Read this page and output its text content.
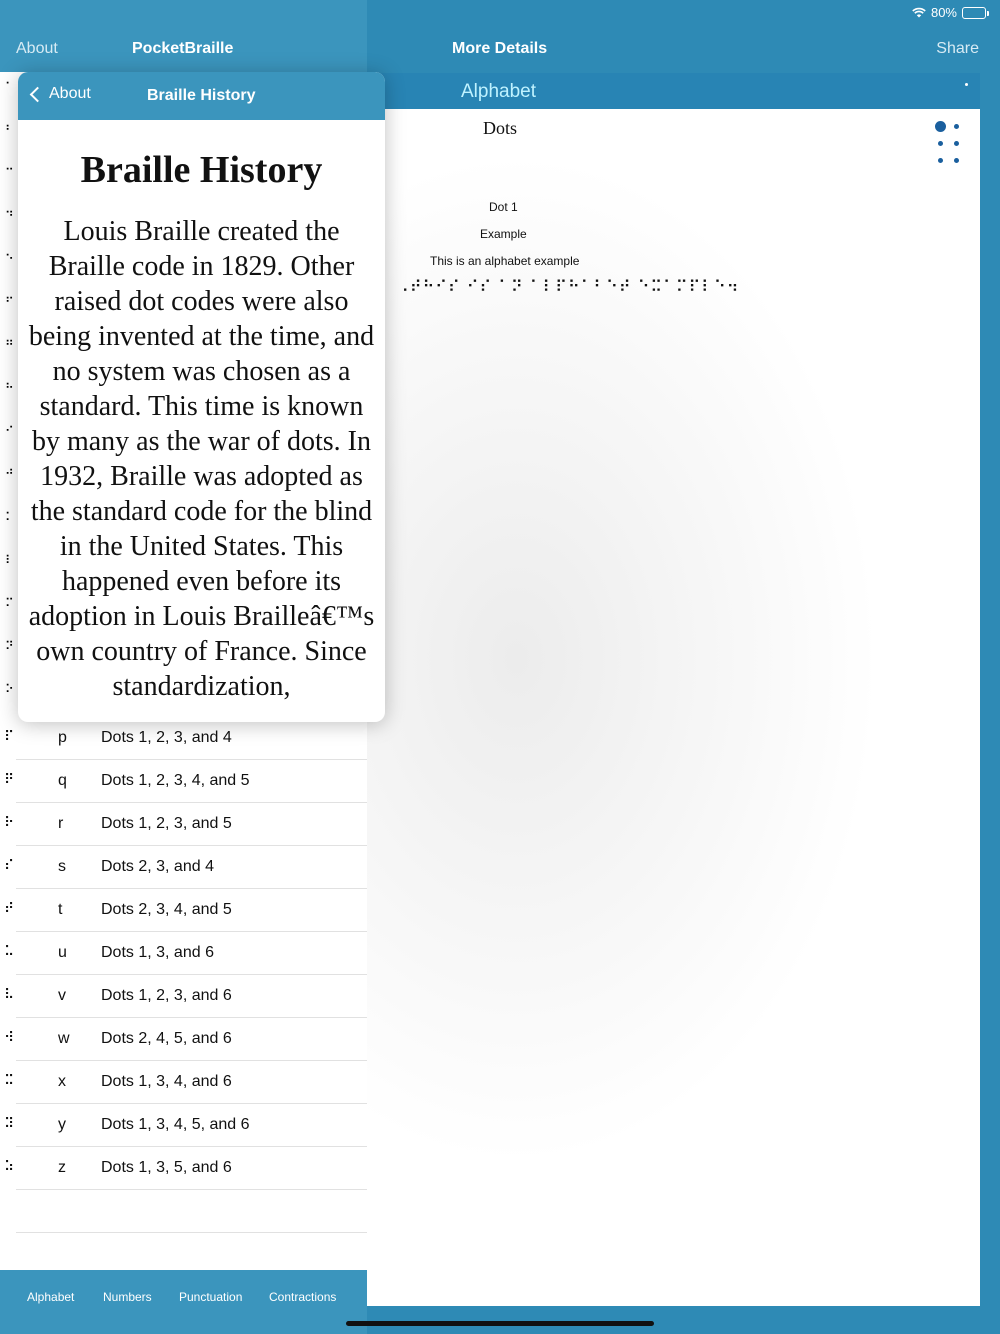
80%
About	PocketBraille
⠁
⠃
⠉
⠙
⠑
⠋
⠛
⠓
⠊
⠚
⠅
⠇
⠍
⠝
⠕
⠏	p Dots 1, 2, 3, and 4
⠟	q Dots 1, 2, 3, 4, and 5
⠗	r Dots 1, 2, 3, and 5
⠎	s Dots 2, 3, and 4
⠞	t Dots 2, 3, 4, and 5
⠥	u Dots 1, 3, and 6
⠧	v Dots 1, 2, 3, and 6
⠺	w Dots 2, 4, 5, and 6
⠭	x Dots 1, 3, 4, and 6
⠽	y Dots 1, 3, 4, 5, and 6
⠵	z Dots 1, 3, 5, and 6
Alphabet Numbers Punctuation Contractions
More Details	Share
Alphabet
Dots
Dot 1
Example
This is an alphabet example
⠠⠞⠓⠊⠎ ⠊⠎ ⠁⠝ ⠁⠇⠏⠓⠁⠃⠑⠞ ⠑⠭⠁⠍⠏⠇⠑⠲
About	Braille History
Braille History

Louis Braille created the Braille code in 1829. Other raised dot codes were also being invented at the time, and no system was chosen as a standard. This time is known by many as the war of dots. In 1932, Braille was adopted as the standard code for the blind in the United States. This happened even before its adoption in Louis Brailleâ€™s own country of France. Since standardization,
